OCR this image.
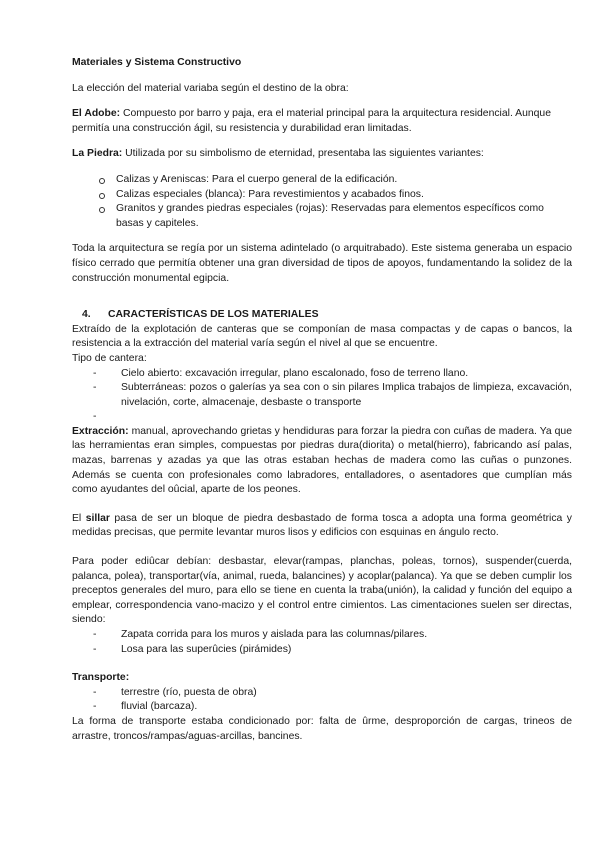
Materiales y Sistema Constructivo

La elección del material variaba según el destino de la obra:

El Adobe: Compuesto por barro y paja, era el material principal para la arquitectura residencial. Aunque permitía una construcción ágil, su resistencia y durabilidad eran limitadas.

La Piedra: Utilizada por su simbolismo de eternidad, presentaba las siguientes variantes:

Calizas y Areniscas: Para el cuerpo general de la edificación.
Calizas especiales (blanca): Para revestimientos y acabados finos.
Granitos y grandes piedras especiales (rojas): Reservadas para elementos específicos como basas y capiteles.

Toda la arquitectura se regía por un sistema adintelado (o arquitrabado). Este sistema generaba un espacio físico cerrado que permitía obtener una gran diversidad de tipos de apoyos, fundamentando la solidez de la construcción monumental egipcia.

4. CARACTERÍSTICAS DE LOS MATERIALES

Extraído de la explotación de canteras que se componían de masa compactas y de capas o bancos, la resistencia a la extracción del material varía según el nivel al que se encuentre.

Tipo de cantera:

- Cielo abierto: excavación irregular, plano escalonado, foso de terreno llano.
- Subterráneas: pozos o galerías ya sea con o sin pilares Implica trabajos de limpieza, excavación, nivelación, corte, almacenaje, desbaste o transporte
-

Extracción: manual, aprovechando grietas y hendiduras para forzar la piedra con cuñas de madera. Ya que las herramientas eran simples, compuestas por piedras dura(diorita) o metal(hierro), fabricando así palas, mazas, barrenas y azadas ya que las otras estaban hechas de madera como las cuñas o punzones. Además se cuenta con profesionales como labradores, entalladores, o asentadores que cumplían más como ayudantes del oûcial, aparte de los peones.

El sillar pasa de ser un bloque de piedra desbastado de forma tosca a adopta una forma geométrica y medidas precisas, que permite levantar muros lisos y edificios con esquinas en ángulo recto.

Para poder ediûcar debían: desbastar, elevar(rampas, planchas, poleas, tornos), suspender(cuerda, palanca, polea), transportar(vía, animal, rueda, balancines) y acoplar(palanca). Ya que se deben cumplir los preceptos generales del muro, para ello se tiene en cuenta la traba(unión), la calidad y función del equipo a emplear, correspondencia vano-macizo y el control entre cimientos. Las cimentaciones suelen ser directas, siendo:

- Zapata corrida para los muros y aislada para las columnas/pilares.
- Losa para las superûcies (pirámides)

Transporte:

- terrestre (río, puesta de obra)
- fluvial (barcaza).

La forma de transporte estaba condicionado por: falta de ûrme, desproporción de cargas, trineos de arrastre, troncos/rampas/aguas-arcillas, bancines.
